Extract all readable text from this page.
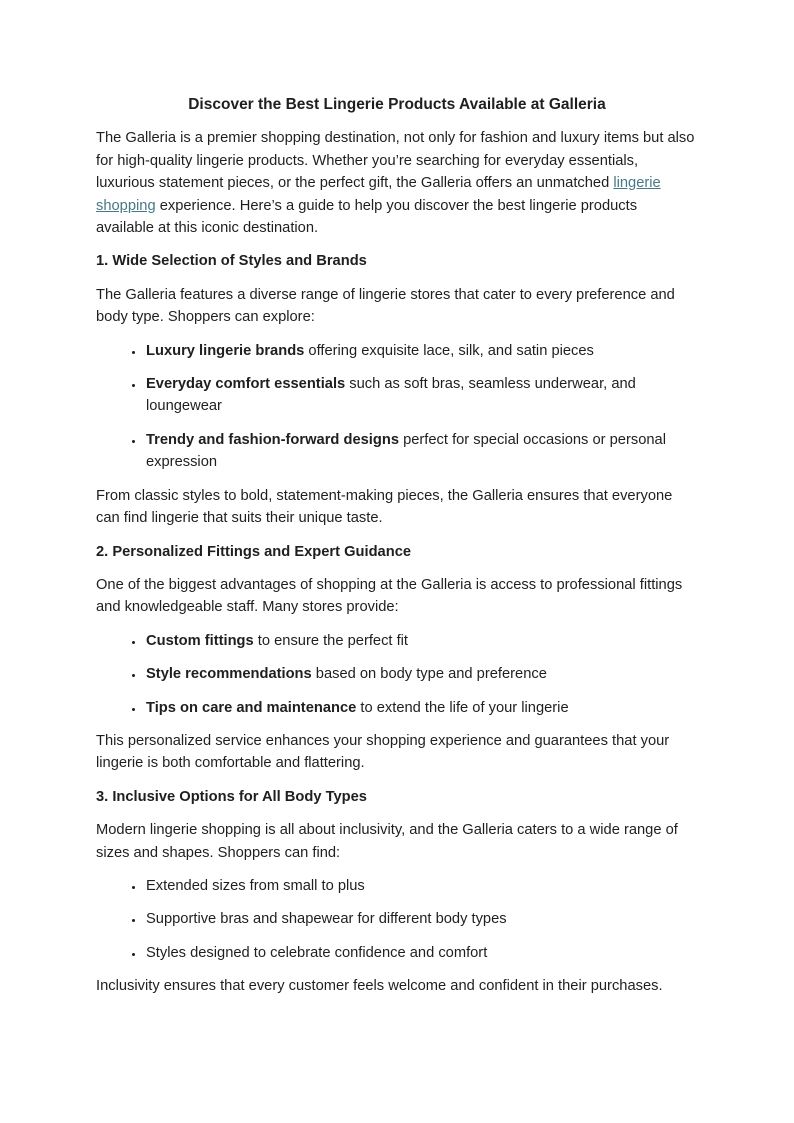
Discover the Best Lingerie Products Available at Galleria

The Galleria is a premier shopping destination, not only for fashion and luxury items but also for high-quality lingerie products. Whether you’re searching for everyday essentials, luxurious statement pieces, or the perfect gift, the Galleria offers an unmatched lingerie shopping experience. Here’s a guide to help you discover the best lingerie products available at this iconic destination.

1. Wide Selection of Styles and Brands

The Galleria features a diverse range of lingerie stores that cater to every preference and body type. Shoppers can explore:

• Luxury lingerie brands offering exquisite lace, silk, and satin pieces
• Everyday comfort essentials such as soft bras, seamless underwear, and loungewear
• Trendy and fashion-forward designs perfect for special occasions or personal expression

From classic styles to bold, statement-making pieces, the Galleria ensures that everyone can find lingerie that suits their unique taste.

2. Personalized Fittings and Expert Guidance

One of the biggest advantages of shopping at the Galleria is access to professional fittings and knowledgeable staff. Many stores provide:

• Custom fittings to ensure the perfect fit
• Style recommendations based on body type and preference
• Tips on care and maintenance to extend the life of your lingerie

This personalized service enhances your shopping experience and guarantees that your lingerie is both comfortable and flattering.

3. Inclusive Options for All Body Types

Modern lingerie shopping is all about inclusivity, and the Galleria caters to a wide range of sizes and shapes. Shoppers can find:

• Extended sizes from small to plus
• Supportive bras and shapewear for different body types
• Styles designed to celebrate confidence and comfort

Inclusivity ensures that every customer feels welcome and confident in their purchases.
